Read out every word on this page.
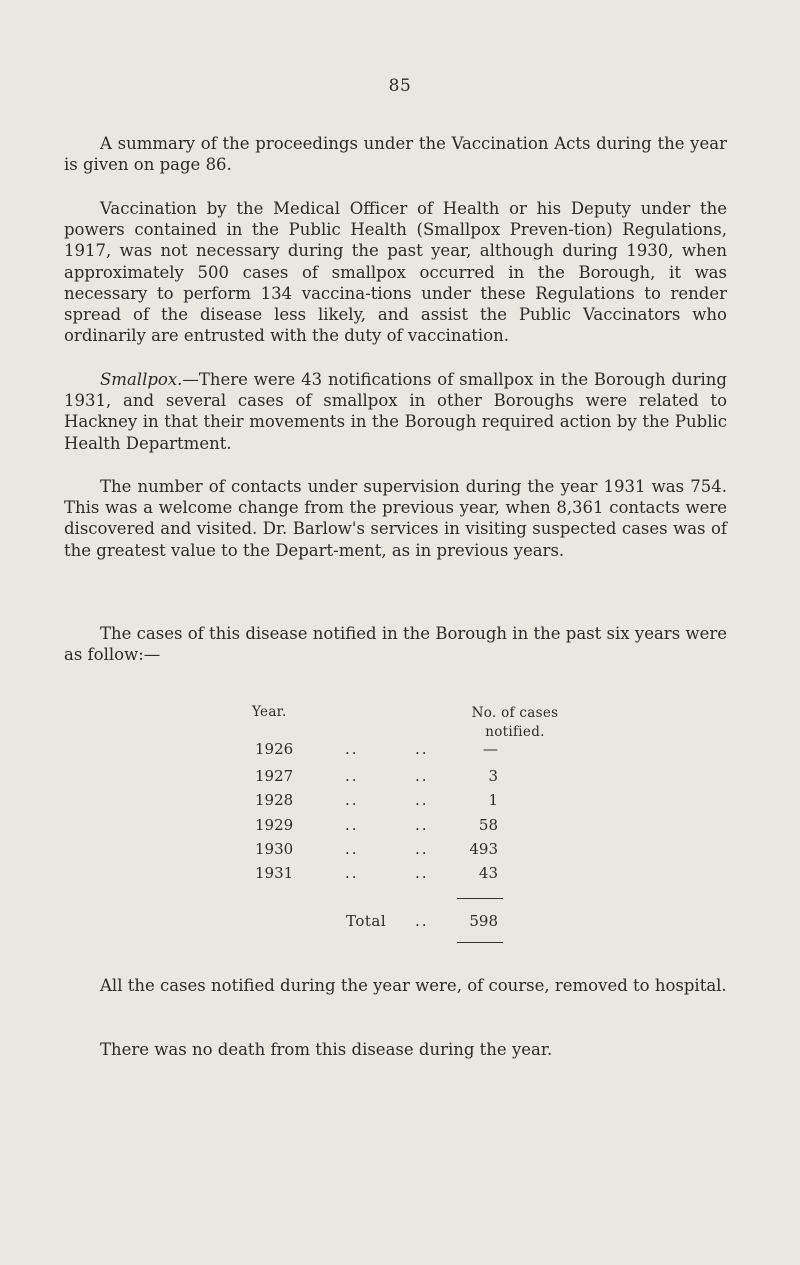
85

A summary of the proceedings under the Vaccination Acts during the year is given on page 86.

Vaccination by the Medical Officer of Health or his Deputy under the powers contained in the Public Health (Smallpox Preven-tion) Regulations, 1917, was not necessary during the past year, although during 1930, when approximately 500 cases of smallpox occurred in the Borough, it was necessary to perform 134 vaccina-tions under these Regulations to render spread of the disease less likely, and assist the Public Vaccinators who ordinarily are entrusted with the duty of vaccination.

Smallpox.—There were 43 notifications of smallpox in the Borough during 1931, and several cases of smallpox in other Boroughs were related to Hackney in that their movements in the Borough required action by the Public Health Department.

The number of contacts under supervision during the year 1931 was 754. This was a welcome change from the previous year, when 8,361 contacts were discovered and visited. Dr. Barlow's services in visiting suspected cases was of the greatest value to the Depart-ment, as in previous years.

The cases of this disease notified in the Borough in the past six years were as follow:—

Year.	No. of cases notified.
1926	..	..	—
1927	..	..	3
1928	..	..	1
1929	..	..	58
1930	..	..	493
1931	..	..	43
Total ..	598

All the cases notified during the year were, of course, removed to hospital.

There was no death from this disease during the year.
